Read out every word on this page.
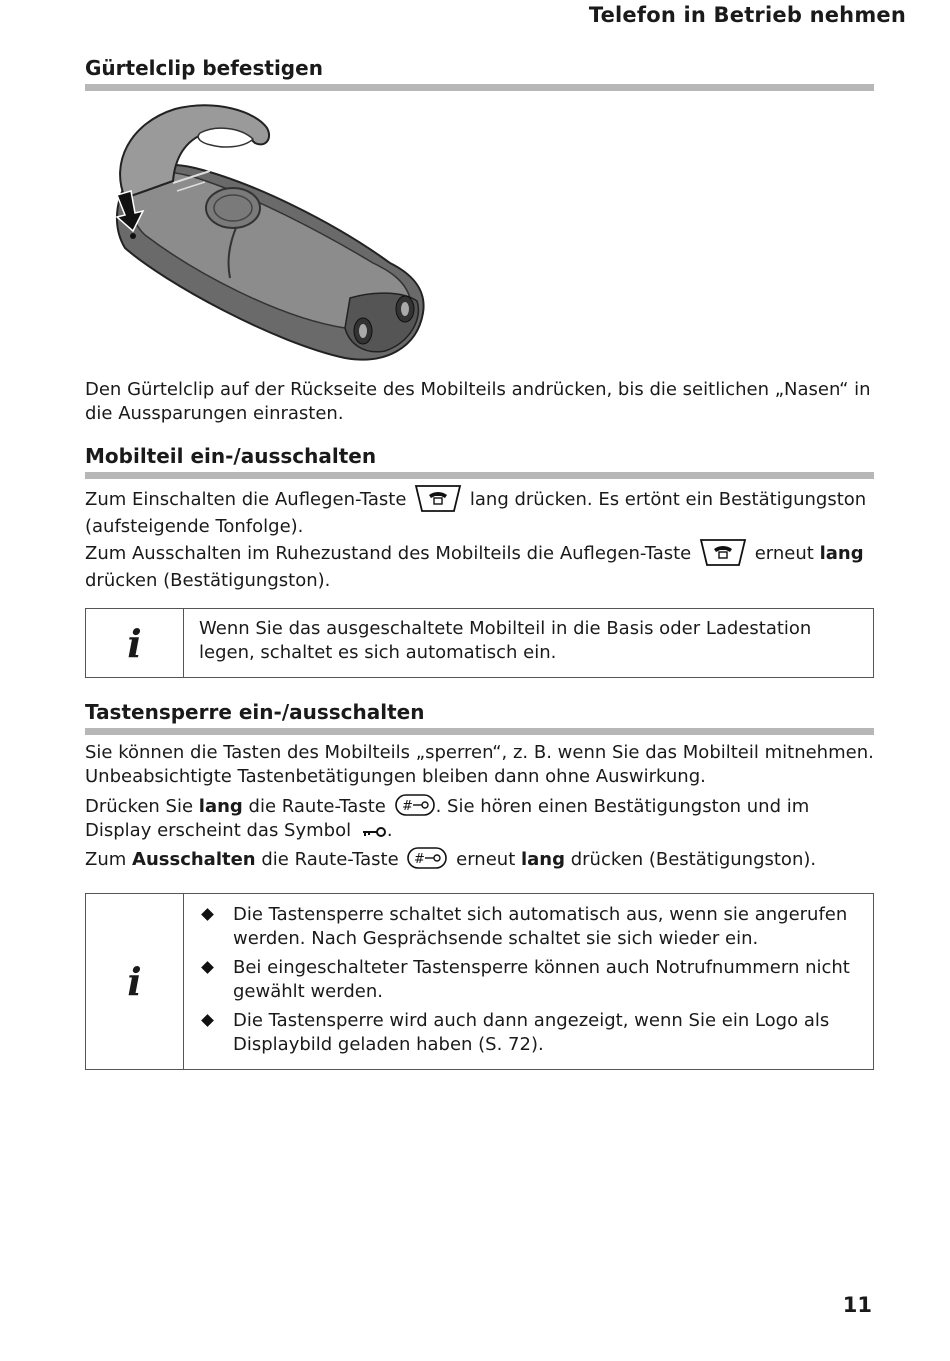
Telefon in Betrieb nehmen
Gürtelclip befestigen
Den Gürtelclip auf der Rückseite des Mobilteils andrücken, bis die seitlichen „Nasen“ in die Aussparungen einrasten.
Mobilteil ein-/ausschalten
Zum Einschalten die Auflegen-Taste	lang drücken. Es ertönt ein Bestätigungston (aufsteigende Tonfolge).
Zum Ausschalten im Ruhezustand des Mobilteils die Auflegen-Taste	erneut lang drücken (Bestätigungston).
i	Wenn Sie das ausgeschaltete Mobilteil in die Basis oder Ladestation legen, schaltet es sich automatisch ein.
Tastensperre ein-/ausschalten
Sie können die Tasten des Mobilteils „sperren“, z. B. wenn Sie das Mobilteil mitnehmen. Unbeabsichtigte Tastenbetätigungen bleiben dann ohne Auswirkung.
Drücken Sie lang die Raute-Taste # . Sie hören einen Bestätigungston und im Display erscheint das Symbol .
Zum Ausschalten die Raute-Taste # erneut lang drücken (Bestätigungston).
i
Die Tastensperre schaltet sich automatisch aus, wenn sie angerufen werden. Nach Gesprächsende schaltet sie sich wieder ein.
Bei eingeschalteter Tastensperre können auch Notrufnummern nicht gewählt werden.
Die Tastensperre wird auch dann angezeigt, wenn Sie ein Logo als Displaybild geladen haben (S. 72).
11
